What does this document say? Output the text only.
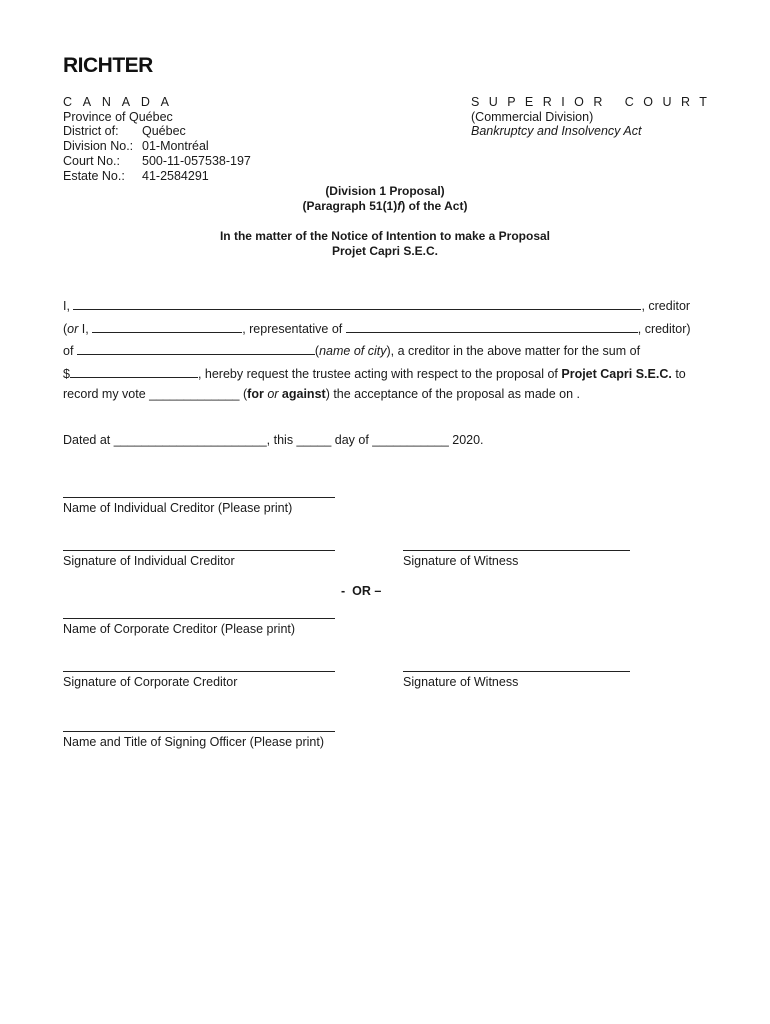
RICHTER
C A N A D A
Province of Québec
District of: Québec
Division No.: 01-Montréal
Court No.: 500-11-057538-197
Estate No.: 41-2584291
S U P E R I O R   C O U R T
(Commercial Division)
Bankruptcy and Insolvency Act
(Division 1 Proposal)
(Paragraph 51(1)f) of the Act)
In the matter of the Notice of Intention to make a Proposal
Projet Capri S.E.C.
I,	, creditor
(or I,	, representative of	, creditor)
of	(name of city), a creditor in the above matter for the sum of
$	, hereby request the trustee acting with respect to the proposal of Projet Capri S.E.C. to
record my vote _____________ (for or against) the acceptance of the proposal as made on .
Dated at ______________________, this _____ day of ___________ 2020.
Name of Individual Creditor (Please print)
Signature of Individual Creditor	Signature of Witness
-  OR –
Name of Corporate Creditor (Please print)
Signature of Corporate Creditor	Signature of Witness
Name and Title of Signing Officer (Please print)
